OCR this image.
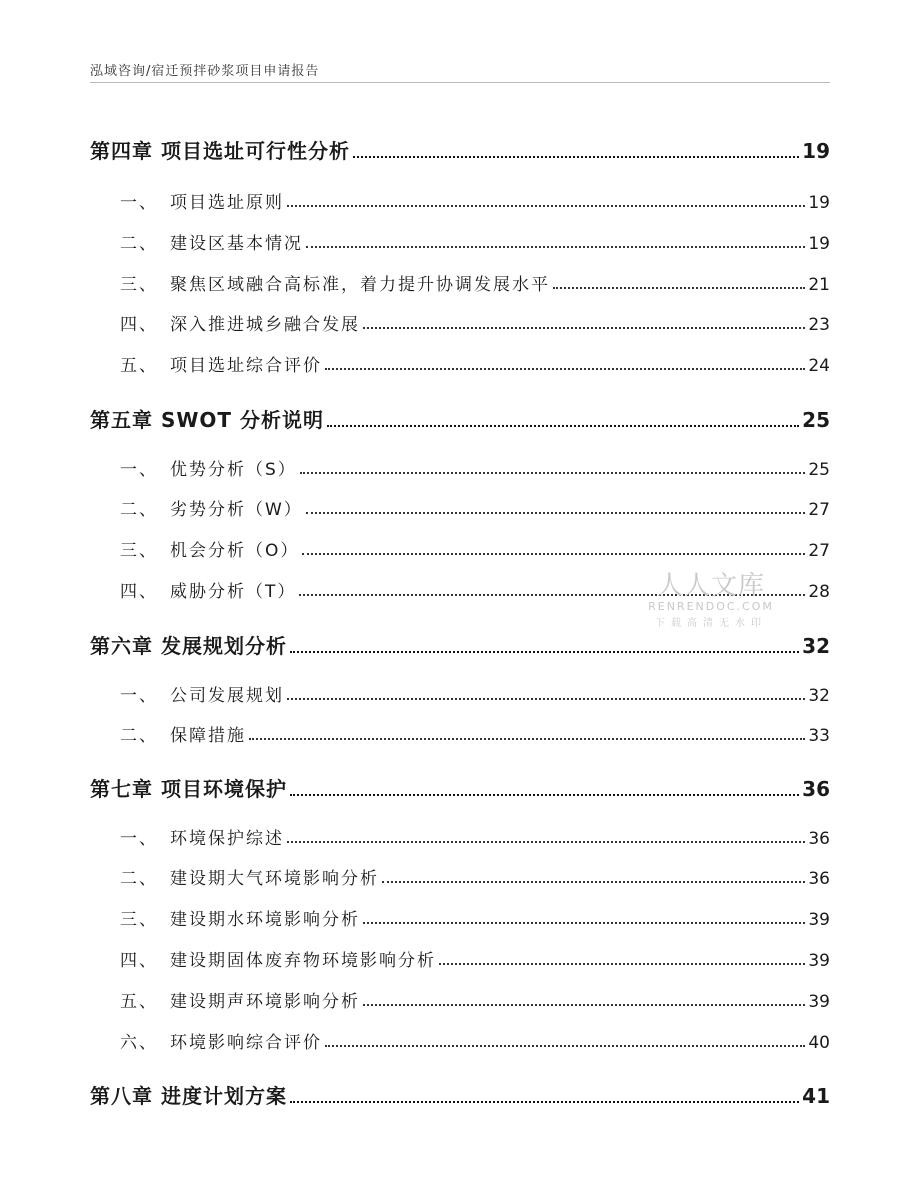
泓域咨询/宿迁预拌砂浆项目申请报告
第四章 项目选址可行性分析	19
一、 项目选址原则	19
二、 建设区基本情况	19
三、 聚焦区域融合高标准，着力提升协调发展水平	21
四、 深入推进城乡融合发展	23
五、 项目选址综合评价	24
第五章 SWOT 分析说明	25
一、 优势分析（S）	25
二、 劣势分析（W）	27
三、 机会分析（O）	27
四、 威胁分析（T）	28
第六章 发展规划分析	32
一、 公司发展规划	32
二、 保障措施	33
第七章 项目环境保护	36
一、 环境保护综述	36
二、 建设期大气环境影响分析	36
三、 建设期水环境影响分析	39
四、 建设期固体废弃物环境影响分析	39
五、 建设期声环境影响分析	39
六、 环境影响综合评价	40
第八章 进度计划方案	41
人人文库
RENRENDOC.COM
下载高清无水印
